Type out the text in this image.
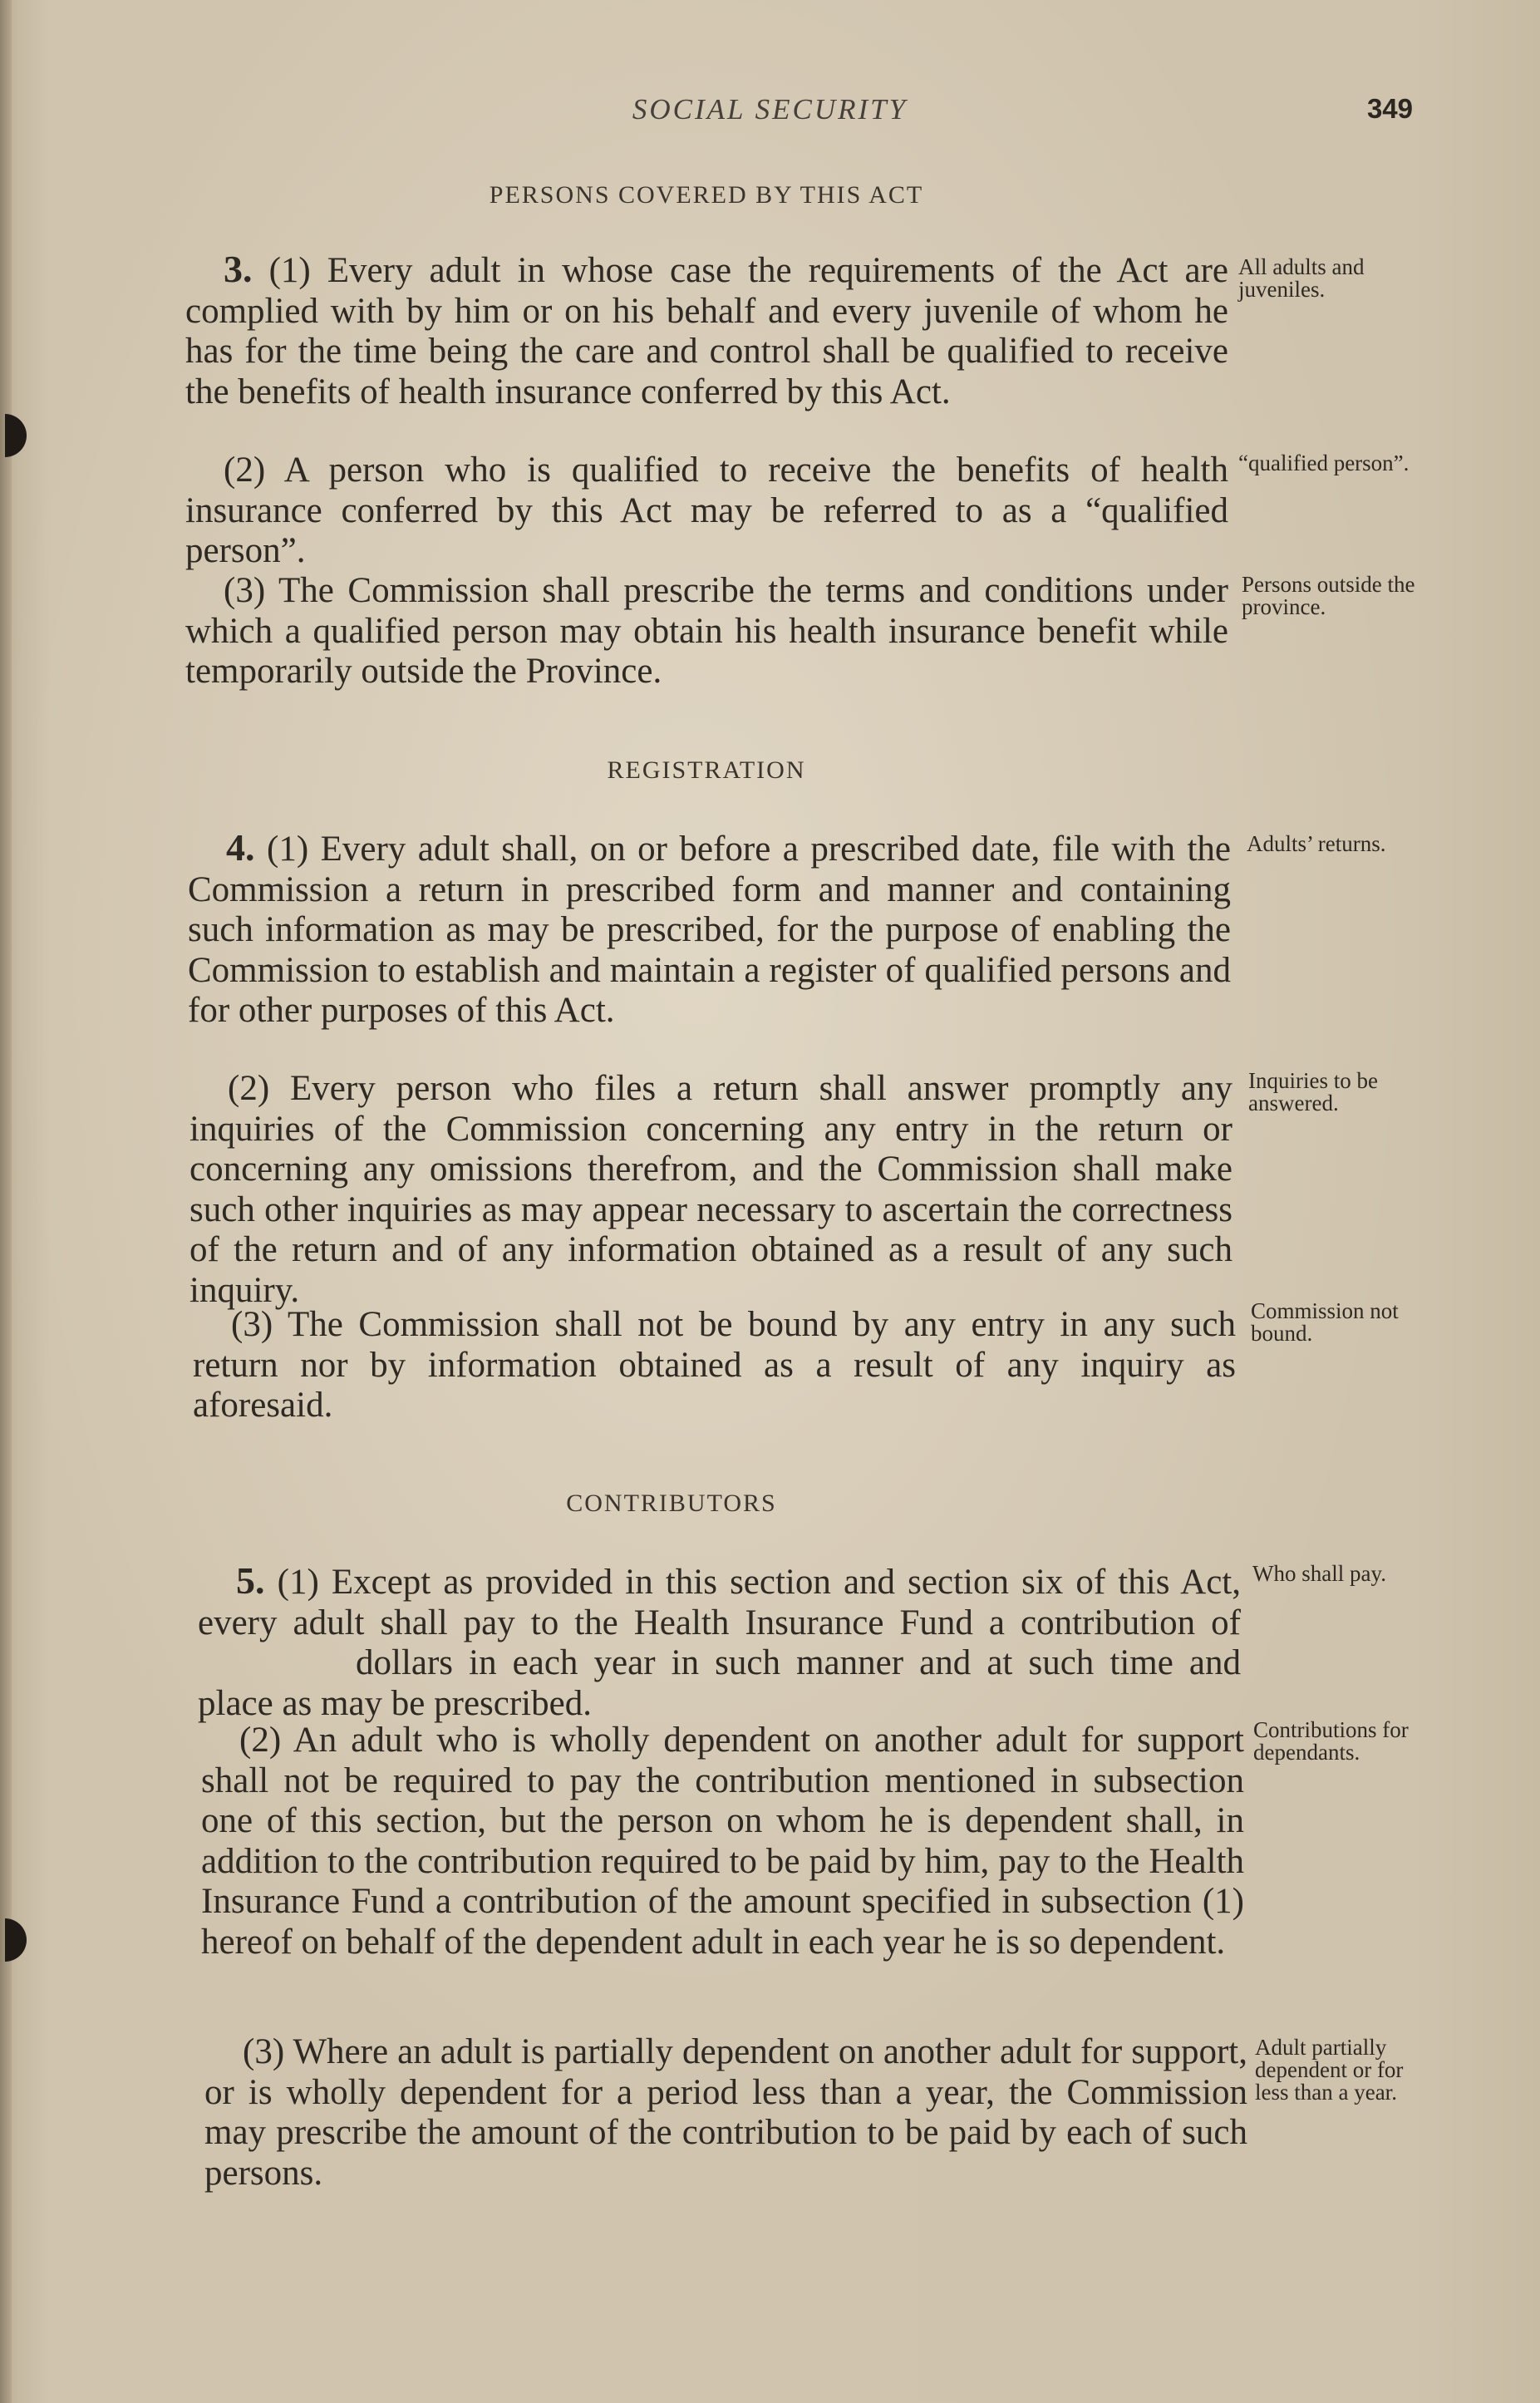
SOCIAL SECURITY	349
PERSONS COVERED BY THIS ACT

3. (1) Every adult in whose case the requirements of the Act are complied with by him or on his behalf and every juvenile of whom he has for the time being the care and control shall be qualified to receive the benefits of health insurance conferred by this Act.

All adults and juveniles.

(2) A person who is qualified to receive the benefits of health insurance conferred by this Act may be referred to as a “qualified person”.

“qualified person”.

(3) The Commission shall prescribe the terms and conditions under which a qualified person may obtain his health insurance benefit while temporarily outside the Province.

Persons outside the province.

REGISTRATION

4. (1) Every adult shall, on or before a prescribed date, file with the Commission a return in prescribed form and manner and containing such information as may be prescribed, for the purpose of enabling the Commission to establish and maintain a register of qualified persons and for other purposes of this Act.

Adults’ returns.

(2) Every person who files a return shall answer promptly any inquiries of the Commission concerning any entry in the return or concerning any omissions therefrom, and the Commission shall make such other inquiries as may appear necessary to ascertain the correctness of the return and of any information obtained as a result of any such inquiry.

Inquiries to be answered.

(3) The Commission shall not be bound by any entry in any such return nor by information obtained as a result of any inquiry as aforesaid.

Commission not bound.

CONTRIBUTORS

5. (1) Except as provided in this section and section six of this Act, every adult shall pay to the Health Insurance Fund a contribution ofdollars in each year in such manner and at such time and place as may be prescribed.

Who shall pay.

(2) An adult who is wholly dependent on another adult for support shall not be required to pay the contribution mentioned in subsection one of this section, but the person on whom he is dependent shall, in addition to the contribution required to be paid by him, pay to the Health Insurance Fund a contribution of the amount specified in subsection (1) hereof on behalf of the dependent adult in each year he is so dependent.

Contributions for dependants.

(3) Where an adult is partially dependent on another adult for support, or is wholly dependent for a period less than a year, the Commission may prescribe the amount of the contribution to be paid by each of such persons.

Adult partially dependent or for less than a year.
